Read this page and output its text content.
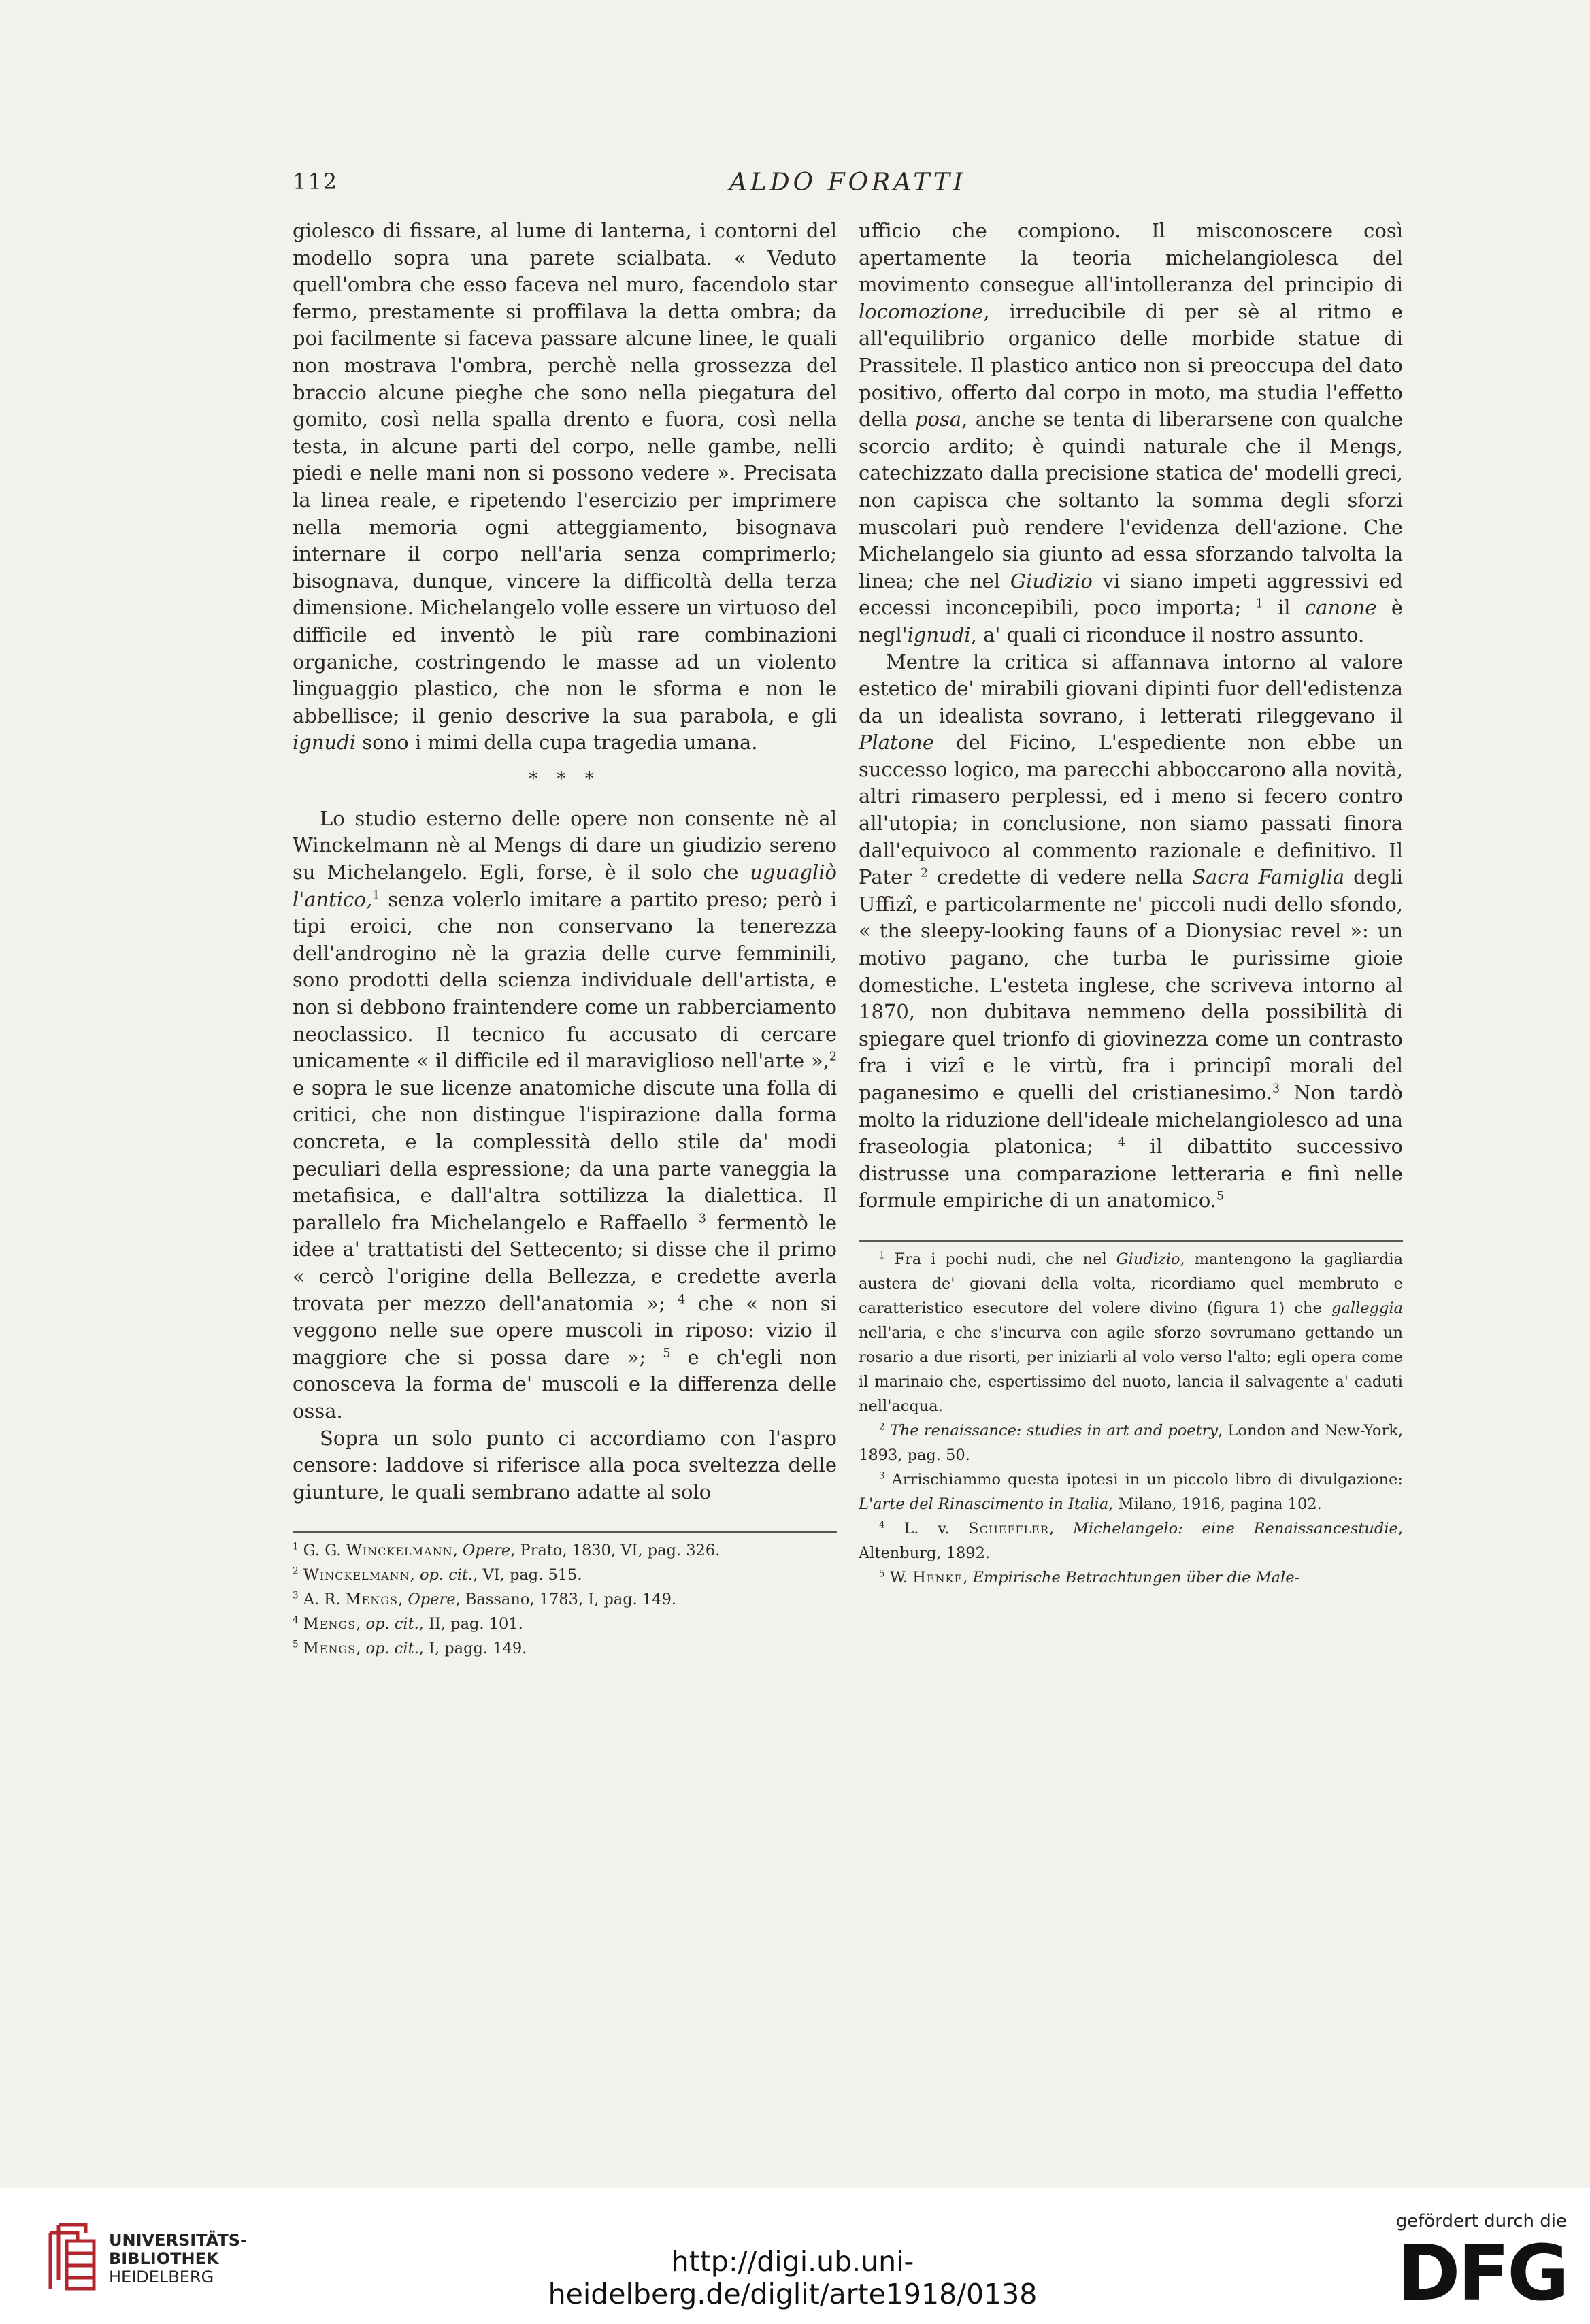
112	ALDO FORATTI

giolesco di fissare, al lume di lanterna, i contorni del modello sopra una parete scialbata. « Veduto quell'ombra che esso faceva nel muro, facendolo star fermo, prestamente si proffilava la detta ombra; da poi facilmente si faceva passare alcune linee, le quali non mostrava l'ombra, perchè nella grossezza del braccio alcune pieghe che sono nella piegatura del gomito, così nella spalla drento e fuora, così nella testa, in alcune parti del corpo, nelle gambe, nelli piedi e nelle mani non si possono vedere ». Precisata la linea reale, e ripetendo l'esercizio per imprimere nella memoria ogni atteggiamento, bisognava internare il corpo nell'aria senza comprimerlo; bisognava, dunque, vincere la difficoltà della terza dimensione. Michelangelo volle essere un virtuoso del difficile ed inventò le più rare combinazioni organiche, costringendo le masse ad un violento linguaggio plastico, che non le sforma e non le abbellisce; il genio descrive la sua parabola, e gli ignudi sono i mimi della cupa tragedia umana.

* * *

Lo studio esterno delle opere non consente nè al Winckelmann nè al Mengs di dare un giudizio sereno su Michelangelo. Egli, forse, è il solo che uguagliò l'antico,$^1$ senza volerlo imitare a partito preso; però i tipi eroici, che non conservano la tenerezza dell'androgino nè la grazia delle curve femminili, sono prodotti della scienza individuale dell'artista, e non si debbono fraintendere come un rabberciamento neoclassico. Il tecnico fu accusato di cercare unicamente « il difficile ed il maraviglioso nell'arte »,$^2$ e sopra le sue licenze anatomiche discute una folla di critici, che non distingue l'ispirazione dalla forma concreta, e la complessità dello stile da' modi peculiari della espressione; da una parte vaneggia la metafisica, e dall'altra sottilizza la dialettica. Il parallelo fra Michelangelo e Raffaello $^3$ fermentò le idee a' trattatisti del Settecento; si disse che il primo « cercò l'origine della Bellezza, e credette averla trovata per mezzo dell'anatomia »; $^4$ che « non si veggono nelle sue opere muscoli in riposo: vizio il maggiore che si possa dare »; $^5$ e ch'egli non conosceva la forma de' muscoli e la differenza delle ossa.

Sopra un solo punto ci accordiamo con l'aspro censore: laddove si riferisce alla poca sveltezza delle giunture, le quali sembrano adatte al solo

$^1$ G. G. Winckelmann, Opere, Prato, 1830, VI, pag. 326.
$^2$ Winckelmann, op. cit., VI, pag. 515.
$^3$ A. R. Mengs, Opere, Bassano, 1783, I, pag. 149.
$^4$ Mengs, op. cit., II, pag. 101.
$^5$ Mengs, op. cit., I, pagg. 149.

ufficio che compiono. Il misconoscere così apertamente la teoria michelangiolesca del movimento consegue all'intolleranza del principio di locomozione, irreducibile di per sè al ritmo e all'equilibrio organico delle morbide statue di Prassitele. Il plastico antico non si preoccupa del dato positivo, offerto dal corpo in moto, ma studia l'effetto della posa, anche se tenta di liberarsene con qualche scorcio ardito; è quindi naturale che il Mengs, catechizzato dalla precisione statica de' modelli greci, non capisca che soltanto la somma degli sforzi muscolari può rendere l'evidenza dell'azione. Che Michelangelo sia giunto ad essa sforzando talvolta la linea; che nel Giudizio vi siano impeti aggressivi ed eccessi inconcepibili, poco importa; $^1$ il canone è negl'ignudi, a' quali ci riconduce il nostro assunto.

Mentre la critica si affannava intorno al valore estetico de' mirabili giovani dipinti fuor dell'edistenza da un idealista sovrano, i letterati rileggevano il Platone del Ficino, L'espediente non ebbe un successo logico, ma parecchi abboccarono alla novità, altri rimasero perplessi, ed i meno si fecero contro all'utopia; in conclusione, non siamo passati finora dall'equivoco al commento razionale e definitivo. Il Pater $^2$ credette di vedere nella Sacra Famiglia degli Uffizî, e particolarmente ne' piccoli nudi dello sfondo, « the sleepy-looking fauns of a Dionysiac revel »: un motivo pagano, che turba le purissime gioie domestiche. L'esteta inglese, che scriveva intorno al 1870, non dubitava nemmeno della possibilità di spiegare quel trionfo di giovinezza come un contrasto fra i vizî e le virtù, fra i principî morali del paganesimo e quelli del cristianesimo.$^3$ Non tardò molto la riduzione dell'ideale michelangiolesco ad una fraseologia platonica; $^4$ il dibattito successivo distrusse una comparazione letteraria e finì nelle formule empiriche di un anatomico.$^5$

$^1$ Fra i pochi nudi, che nel Giudizio, mantengono la gagliardia austera de' giovani della volta, ricordiamo quel membruto e caratteristico esecutore del volere divino (figura 1) che galleggia nell'aria, e che s'incurva con agile sforzo sovrumano gettando un rosario a due risorti, per iniziarli al volo verso l'alto; egli opera come il marinaio che, espertissimo del nuoto, lancia il salvagente a' caduti nell'acqua.
$^2$ The renaissance: studies in art and poetry, London and New-York, 1893, pag. 50.
$^3$ Arrischiammo questa ipotesi in un piccolo libro di divulgazione: L'arte del Rinascimento in Italia, Milano, 1916, pagina 102.
$^4$ L. v. Scheffler, Michelangelo: eine Renaissancestudie, Altenburg, 1892.
$^5$ W. Henke, Empirische Betrachtungen über die Male-
UNIVERSITÄTS-
BIBLIOTHEK
HEIDELBERG	http://digi.ub.uni-heidelberg.de/diglit/arte1918/0138
gefördert durch die
DFG
